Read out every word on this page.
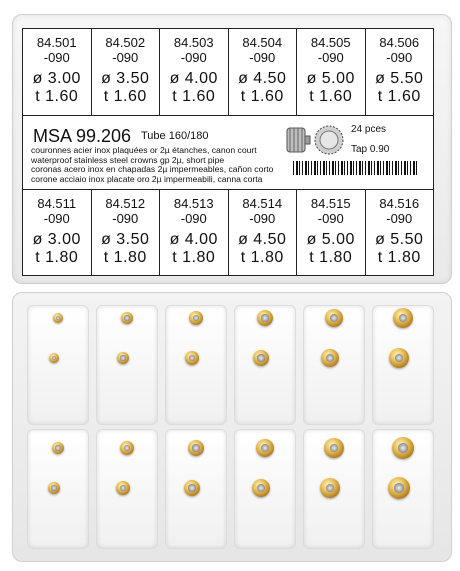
84.501
-090
ø 3.00
t 1.60
84.502
-090
ø 3.50
t 1.60
84.503
-090
ø 4.00
t 1.60
84.504
-090
ø 4.50
t 1.60
84.505
-090
ø 5.00
t 1.60
84.506
-090
ø 5.50
t 1.60
MSA 99.206 Tube 160/180
24 pces
Tap 0.90
couronnes acier inox plaquées or 2µ étanches, canon court
waterproof stainless steel crowns gp 2µ, short pipe
coronas acero inox en chapadas 2µ impermeables, cañon corto
corone acciaio inox placate oro 2µ impermeabili, canna corta
84.511
-090
ø 3.00
t 1.80
84.512
-090
ø 3.50
t 1.80
84.513
-090
ø 4.00
t 1.80
84.514
-090
ø 4.50
t 1.80
84.515
-090
ø 5.00
t 1.80
84.516
-090
ø 5.50
t 1.80
